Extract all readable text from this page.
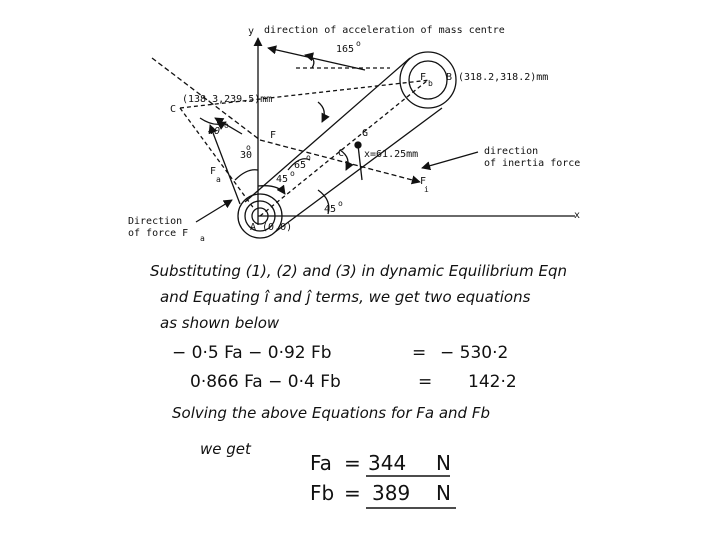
y direction of acceleration of mass centre
165
o
(138.3,239.5)mm
C
F
b
B (318.2,318.2)mm
40
o
F	G
C x=61.25mm
30
o
65
o
45
o
F
a	F
i
direction
of inertia force
45
o
x
Direction
of force F a
A (0,0)
Substituting (1), (2) and (3) in dynamic Equilibrium Eqn
and Equating î and ĵ terms, we get two equations
as shown below
− 0·5 Fa − 0·92 Fb	= − 530·2
0·866 Fa − 0·4 Fb	= 142·2
Solving the above Equations for Fa and Fb
we get
Fa = 344 N
Fb = 389 N
